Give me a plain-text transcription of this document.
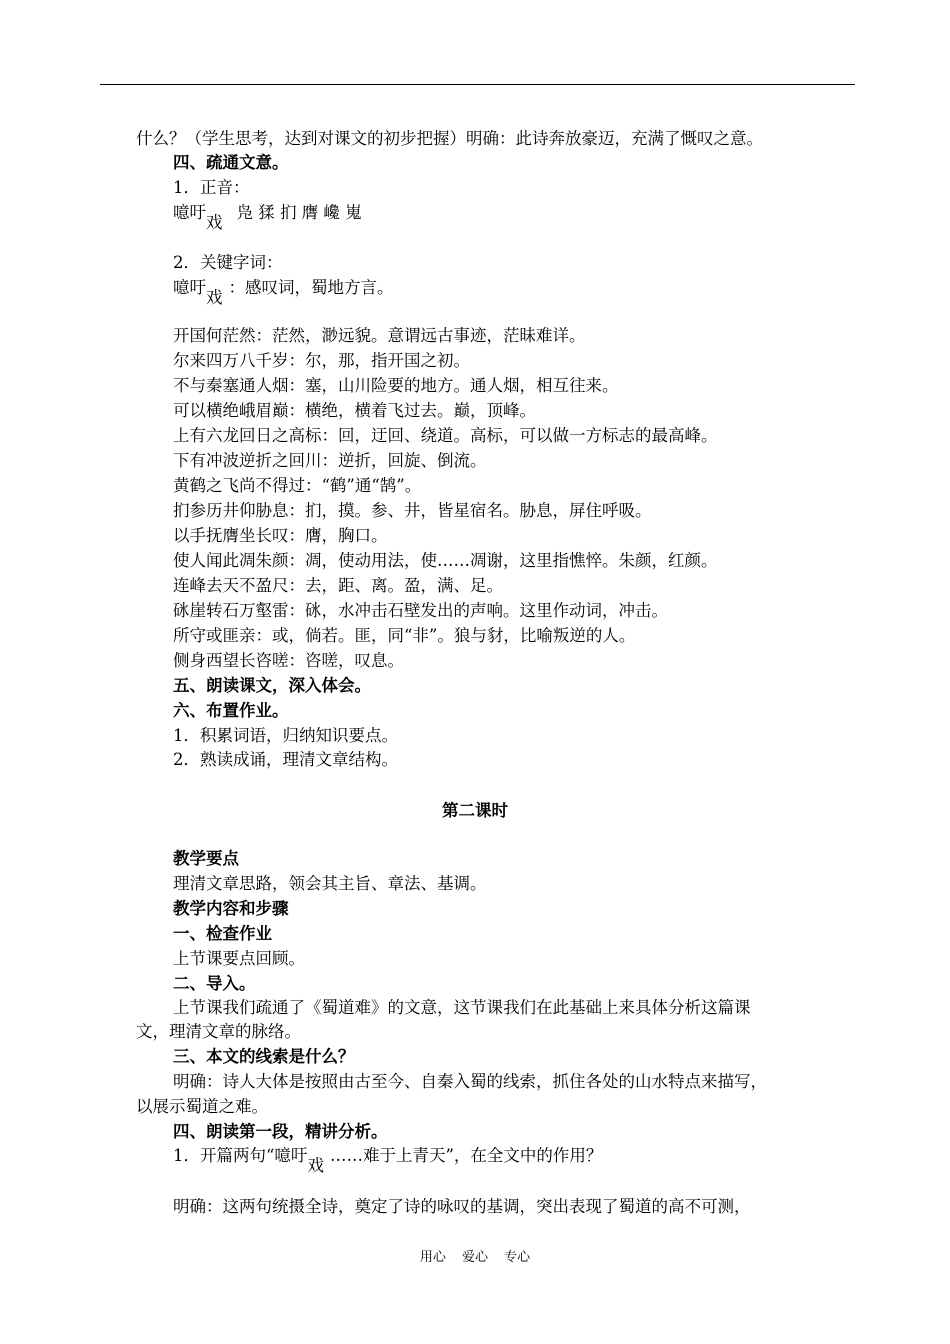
什么？（学生思考，达到对课文的初步把握）明确：此诗奔放豪迈，充满了慨叹之意。
四、疏通文意。
1．正音：
噫吁戏凫 猱 扪 膺 巉 嵬
2．关键字词：
噫吁戏：感叹词，蜀地方言。
开国何茫然：茫然，渺远貌。意谓远古事迹，茫昧难详。
尔来四万八千岁：尔，那，指开国之初。
不与秦塞通人烟：塞，山川险要的地方。通人烟，相互往来。
可以横绝峨眉巅：横绝，横着飞过去。巅，顶峰。
上有六龙回日之高标：回，迂回、绕道。高标，可以做一方标志的最高峰。
下有冲波逆折之回川：逆折，回旋、倒流。
黄鹤之飞尚不得过：“鹤”通“鹄”。
扪参历井仰胁息：扪，摸。参、井，皆星宿名。胁息，屏住呼吸。
以手抚膺坐长叹：膺，胸口。
使人闻此凋朱颜：凋，使动用法，使……凋谢，这里指憔悴。朱颜，红颜。
连峰去天不盈尺：去，距、离。盈，满、足。
砯崖转石万壑雷：砯，水冲击石壁发出的声响。这里作动词，冲击。
所守或匪亲：或，倘若。匪，同“非”。狼与豺，比喻叛逆的人。
侧身西望长咨嗟：咨嗟，叹息。
五、朗读课文，深入体会。
六、布置作业。
1．积累词语，归纳知识要点。
2．熟读成诵，理清文章结构。
第二课时
教学要点
理清文章思路，领会其主旨、章法、基调。
教学内容和步骤
一、检查作业
上节课要点回顾。
二、导入。
上节课我们疏通了《蜀道难》的文意，这节课我们在此基础上来具体分析这篇课
文，理清文章的脉络。
三、本文的线索是什么？
明确：诗人大体是按照由古至今、自秦入蜀的线索，抓住各处的山水特点来描写，
以展示蜀道之难。
四、朗读第一段，精讲分析。
1．开篇两句“噫吁戏……难于上青天”，在全文中的作用？
明确：这两句统摄全诗，奠定了诗的咏叹的基调，突出表现了蜀道的高不可测，
用心 爱心 专心
